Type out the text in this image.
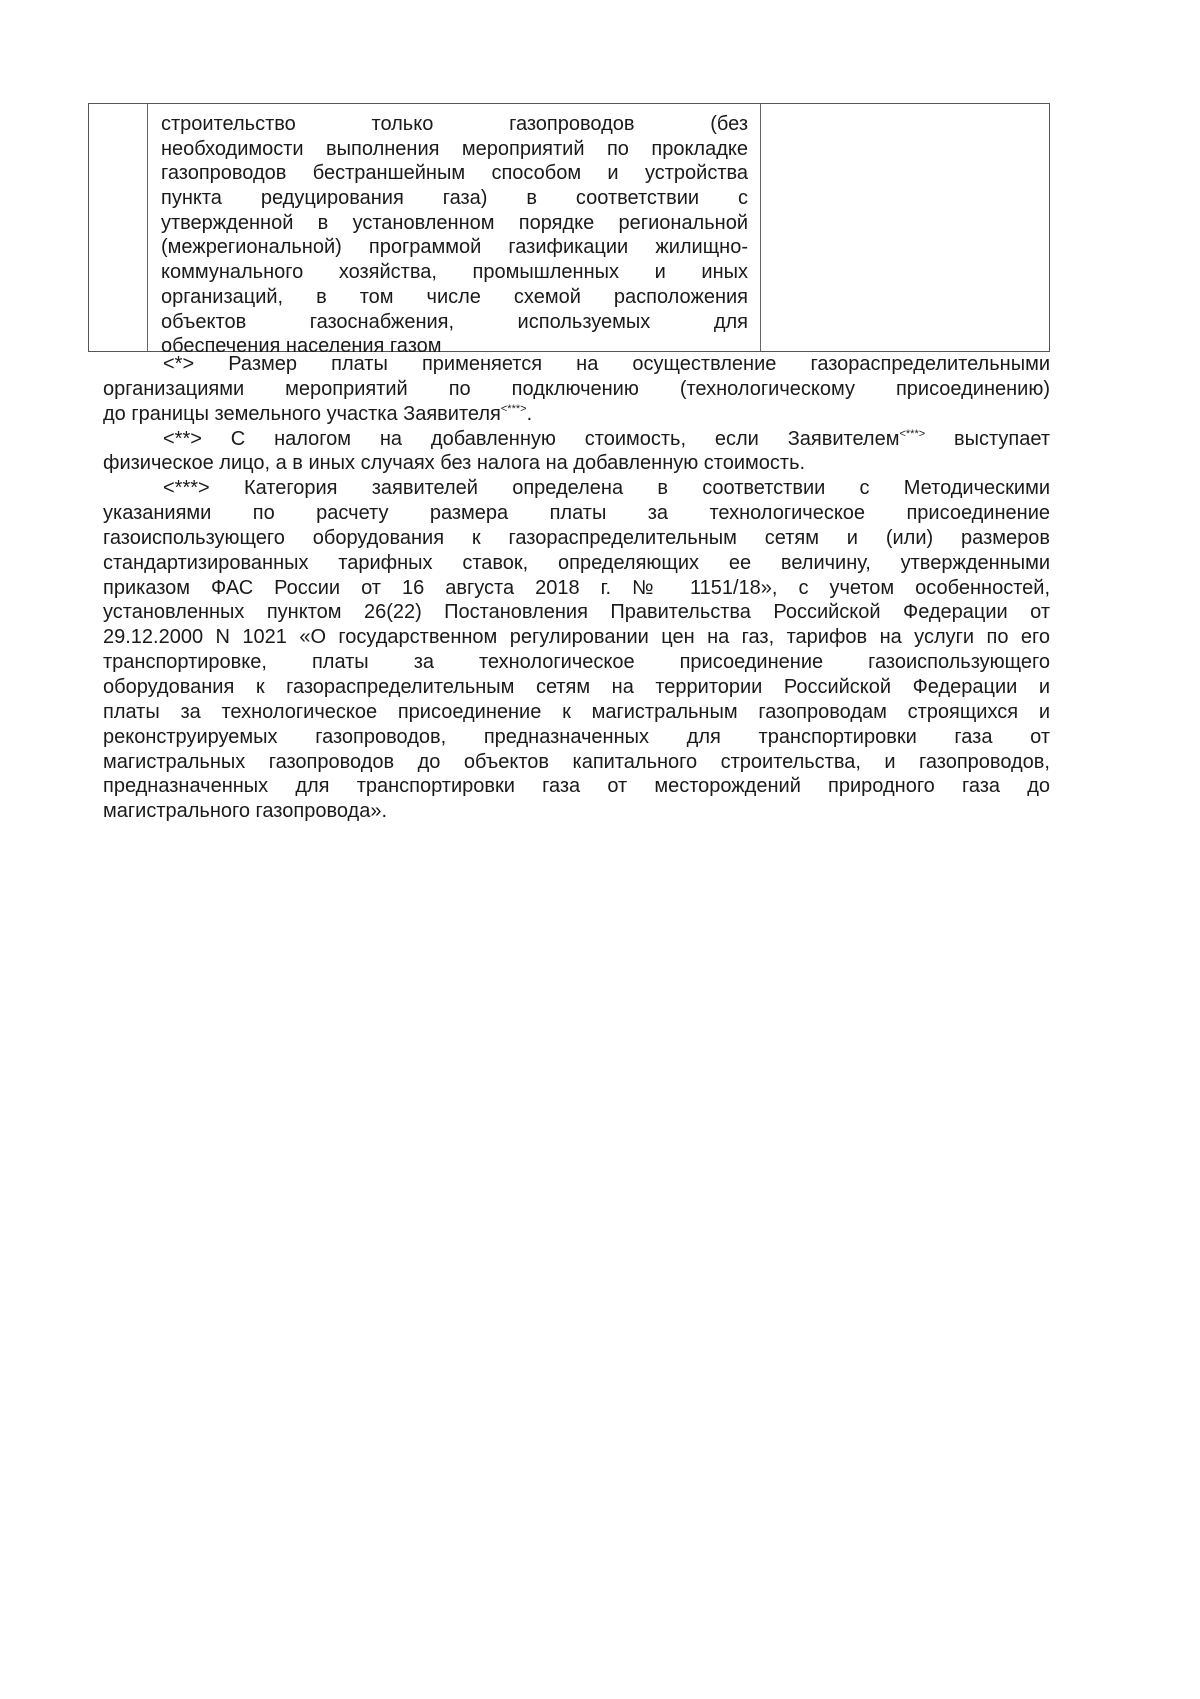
строительство только газопроводов (без
необходимости выполнения мероприятий по прокладке
газопроводов бестраншейным способом и устройства
пункта редуцирования газа) в соответствии с
утвержденной в установленном порядке региональной
(межрегиональной) программой газификации жилищно-
коммунального хозяйства, промышленных и иных
организаций, в том числе схемой расположения
объектов газоснабжения, используемых для
обеспечения населения газом
<*> Размер платы применяется на осуществление газораспределительными
организациями мероприятий по подключению (технологическому присоединению)
до границы земельного участка Заявителя<***>.
<**> С налогом на добавленную стоимость, если Заявителем<***> выступает
физическое лицо, а в иных случаях без налога на добавленную стоимость.
<***> Категория заявителей определена в соответствии с Методическими
указаниями по расчету размера платы за технологическое присоединение
газоиспользующего оборудования к газораспределительным сетям и (или) размеров
стандартизированных тарифных ставок, определяющих ее величину, утвержденными
приказом ФАС России от 16 августа 2018 г. № 1151/18», с учетом особенностей,
установленных пунктом 26(22) Постановления Правительства Российской Федерации от
29.12.2000 N 1021 «О государственном регулировании цен на газ, тарифов на услуги по его
транспортировке, платы за технологическое присоединение газоиспользующего
оборудования к газораспределительным сетям на территории Российской Федерации и
платы за технологическое присоединение к магистральным газопроводам строящихся и
реконструируемых газопроводов, предназначенных для транспортировки газа от
магистральных газопроводов до объектов капитального строительства, и газопроводов,
предназначенных для транспортировки газа от месторождений природного газа до
магистрального газопровода».
